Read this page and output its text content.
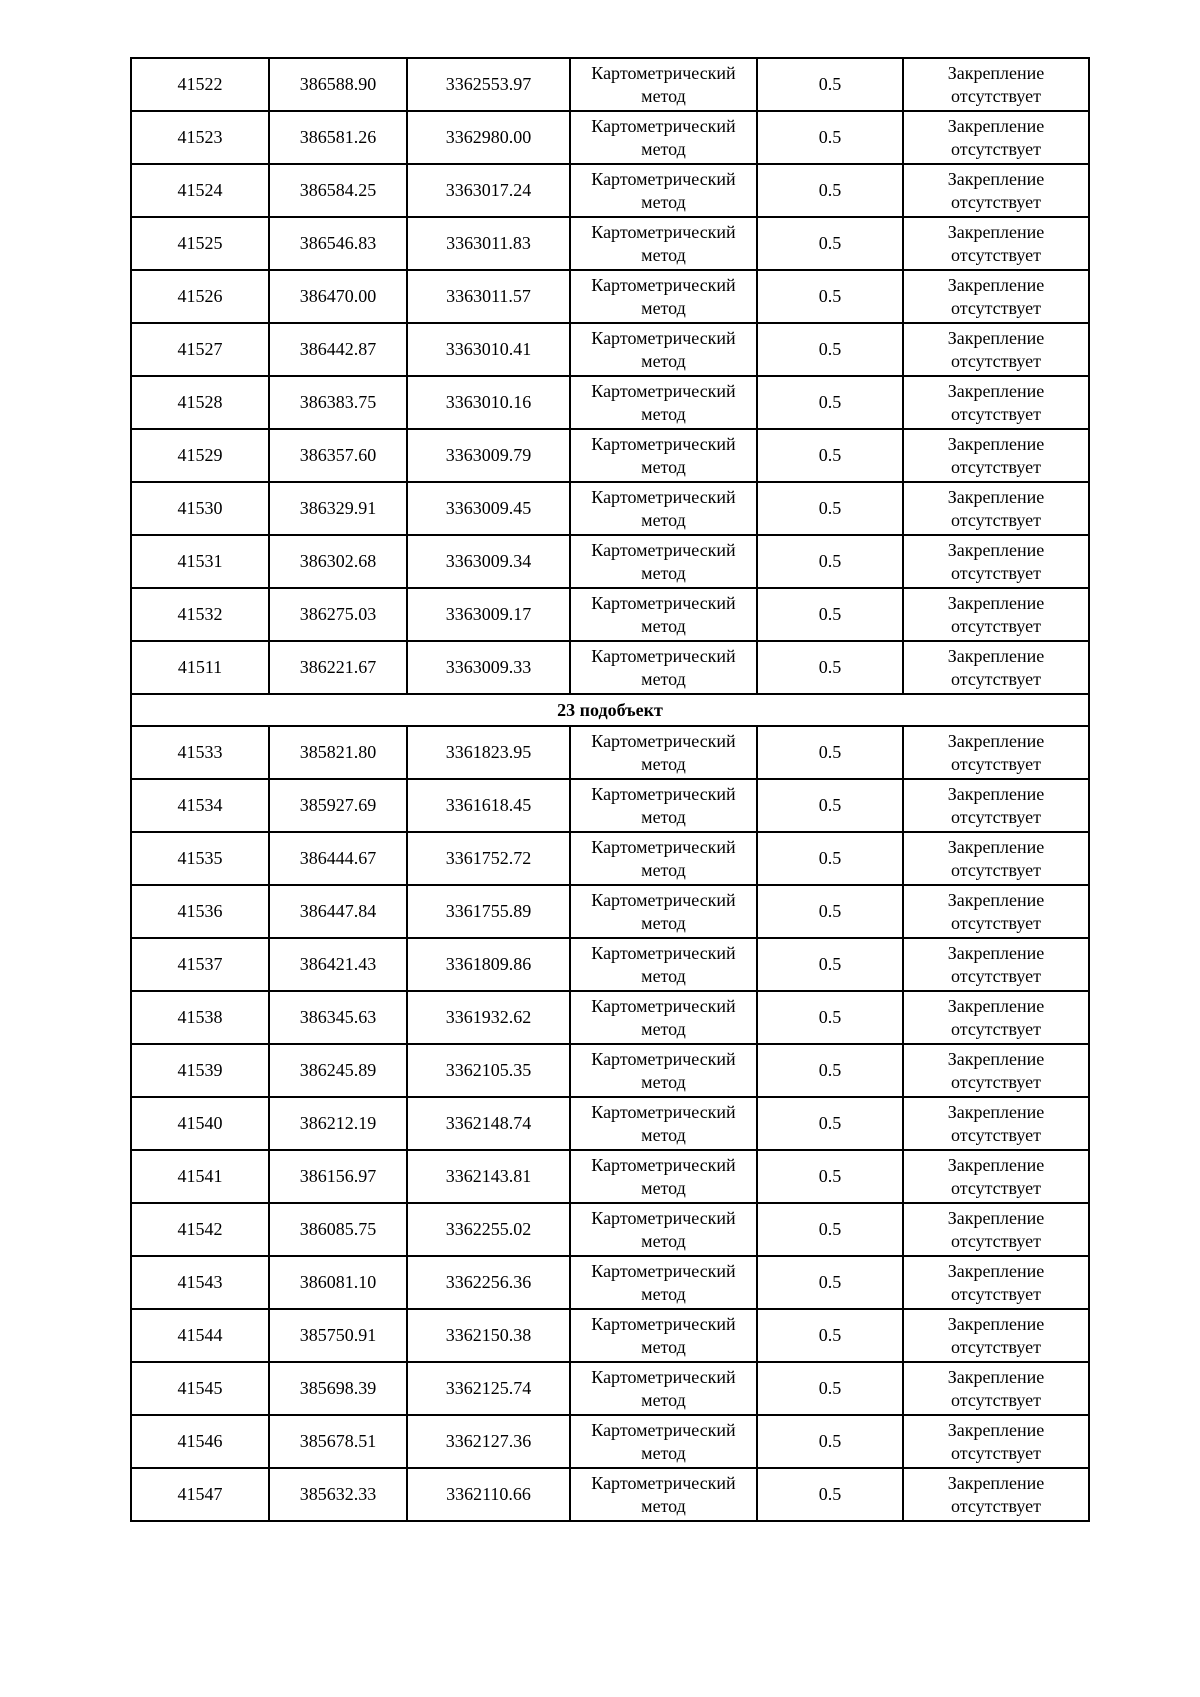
41522	386588.90	3362553.97	Картометрический метод	0.5	Закрепление отсутствует
41523	386581.26	3362980.00	Картометрический метод	0.5	Закрепление отсутствует
41524	386584.25	3363017.24	Картометрический метод	0.5	Закрепление отсутствует
41525	386546.83	3363011.83	Картометрический метод	0.5	Закрепление отсутствует
41526	386470.00	3363011.57	Картометрический метод	0.5	Закрепление отсутствует
41527	386442.87	3363010.41	Картометрический метод	0.5	Закрепление отсутствует
41528	386383.75	3363010.16	Картометрический метод	0.5	Закрепление отсутствует
41529	386357.60	3363009.79	Картометрический метод	0.5	Закрепление отсутствует
41530	386329.91	3363009.45	Картометрический метод	0.5	Закрепление отсутствует
41531	386302.68	3363009.34	Картометрический метод	0.5	Закрепление отсутствует
41532	386275.03	3363009.17	Картометрический метод	0.5	Закрепление отсутствует
41511	386221.67	3363009.33	Картометрический метод	0.5	Закрепление отсутствует
23 подобъект					
41533	385821.80	3361823.95	Картометрический метод	0.5	Закрепление отсутствует
41534	385927.69	3361618.45	Картометрический метод	0.5	Закрепление отсутствует
41535	386444.67	3361752.72	Картометрический метод	0.5	Закрепление отсутствует
41536	386447.84	3361755.89	Картометрический метод	0.5	Закрепление отсутствует
41537	386421.43	3361809.86	Картометрический метод	0.5	Закрепление отсутствует
41538	386345.63	3361932.62	Картометрический метод	0.5	Закрепление отсутствует
41539	386245.89	3362105.35	Картометрический метод	0.5	Закрепление отсутствует
41540	386212.19	3362148.74	Картометрический метод	0.5	Закрепление отсутствует
41541	386156.97	3362143.81	Картометрический метод	0.5	Закрепление отсутствует
41542	386085.75	3362255.02	Картометрический метод	0.5	Закрепление отсутствует
41543	386081.10	3362256.36	Картометрический метод	0.5	Закрепление отсутствует
41544	385750.91	3362150.38	Картометрический метод	0.5	Закрепление отсутствует
41545	385698.39	3362125.74	Картометрический метод	0.5	Закрепление отсутствует
41546	385678.51	3362127.36	Картометрический метод	0.5	Закрепление отсутствует
41547	385632.33	3362110.66	Картометрический метод	0.5	Закрепление отсутствует
